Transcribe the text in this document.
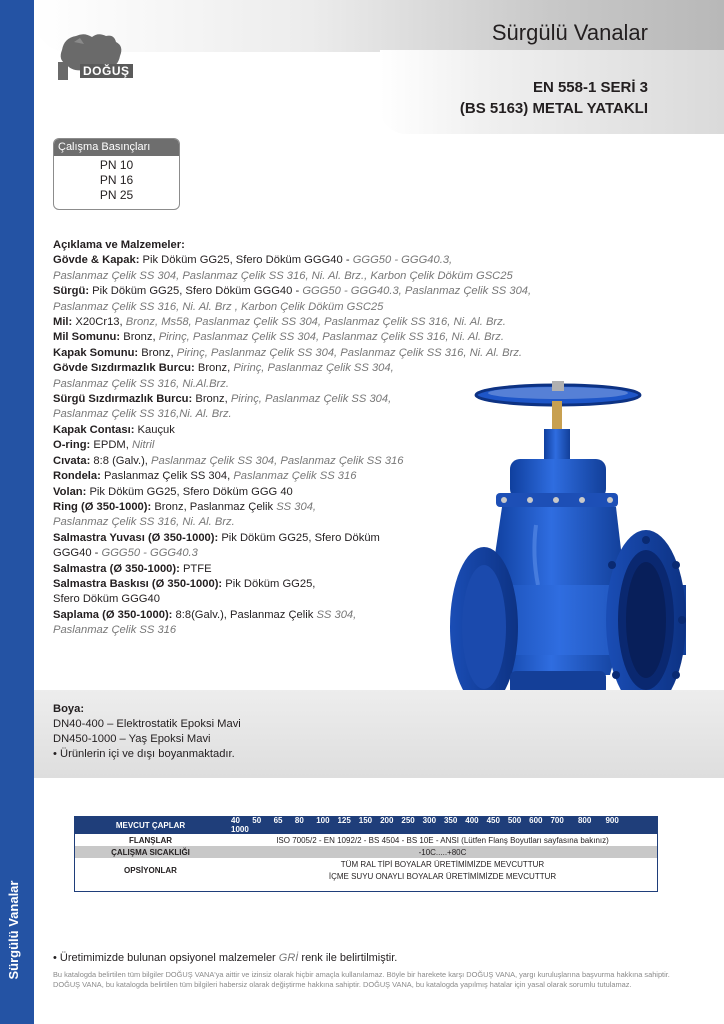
Sürgülü Vanalar
Sürgülü Vanalar
EN 558-1 SERİ 3
(BS 5163) METAL YATAKLI
DOĞUŞ
Çalışma Basınçları
PN 10
PN 16
PN 25

Açıklama ve Malzemeler:

Gövde & Kapak: Pik Döküm GG25, Sfero Döküm GGG40 - GGG50 - GGG40.3,

Paslanmaz Çelik SS 304, Paslanmaz Çelik SS 316, Ni. Al. Brz., Karbon Çelik Döküm GSC25

Sürgü: Pik Döküm GG25, Sfero Döküm GGG40 - GGG50 - GGG40.3, Paslanmaz Çelik SS 304,

Paslanmaz Çelik SS 316, Ni. Al. Brz , Karbon Çelik Döküm GSC25

Mil: X20Cr13, Bronz, Ms58, Paslanmaz Çelik SS 304, Paslanmaz Çelik SS 316, Ni. Al. Brz.

Mil Somunu: Bronz, Pirinç, Paslanmaz Çelik SS 304, Paslanmaz Çelik SS 316, Ni. Al. Brz.

Kapak Somunu: Bronz, Pirinç, Paslanmaz Çelik SS 304, Paslanmaz Çelik SS 316, Ni. Al. Brz.

Gövde Sızdırmazlık Burcu: Bronz, Pirinç, Paslanmaz Çelik SS 304,

Paslanmaz Çelik SS 316, Ni.Al.Brz.

Sürgü Sızdırmazlık Burcu: Bronz, Pirinç, Paslanmaz Çelik SS 304,

Paslanmaz Çelik SS 316,Ni. Al. Brz.

Kapak Contası: Kauçuk

O-ring: EPDM, Nitril

Cıvata: 8:8 (Galv.), Paslanmaz Çelik SS 304, Paslanmaz Çelik SS 316

Rondela: Paslanmaz Çelik SS 304, Paslanmaz Çelik SS 316

Volan: Pik Döküm GG25, Sfero Döküm GGG 40

Ring (Ø 350-1000): Bronz, Paslanmaz Çelik SS 304,

Paslanmaz Çelik SS 316, Ni. Al. Brz.

Salmastra Yuvası (Ø 350-1000): Pik Döküm GG25, Sfero Döküm

GGG40 - GGG50 - GGG40.3

Salmastra (Ø 350-1000): PTFE

Salmastra Baskısı (Ø 350-1000): Pik Döküm GG25,

Sfero Döküm GGG40

Saplama (Ø 350-1000): 8:8(Galv.), Paslanmaz Çelik SS 304,

Paslanmaz Çelik SS 316

Boya:
DN40-400 – Elektrostatik Epoksi Mavi
DN450-1000 – Yaş Epoksi Mavi
• Ürünlerin içi ve dışı boyanmaktadır.
MEVCUT ÇAPLAR	40 50 65 80 100 125 150 200 250 300 350 400 450 500 600 700 800 9001000
FLANŞLAR	ISO 7005/2 - EN 1092/2 - BS 4504 - BS 10E - ANSI (Lütfen Flanş Boyutları sayfasına bakınız)
ÇALIŞMA SICAKLIĞI	-10C.....+80C
OPSİYONLAR	TÜM RAL TİPİ BOYALAR ÜRETİMİMİZDE MEVCUTTUR
	İÇME SUYU ONAYLI BOYALAR ÜRETİMİMİZDE MEVCUTTUR
• Üretimimizde bulunan opsiyonel malzemeler GRİ renk ile belirtilmiştir.
Bu katalogda belirtilen tüm bilgiler DOĞUŞ VANA'ya aittir ve izinsiz olarak hiçbir amaçla kullanılamaz. Böyle bir harekete karşı DOĞUŞ VANA, yargı kuruluşlarına başvurma hakkına sahiptir. DOĞUŞ VANA, bu katalogda belirtilen tüm bilgileri habersiz olarak değiştirme hakkına sahiptir. DOĞUŞ VANA, bu katalogda yapılmış hatalar için yasal olarak sorumlu tutulamaz.
